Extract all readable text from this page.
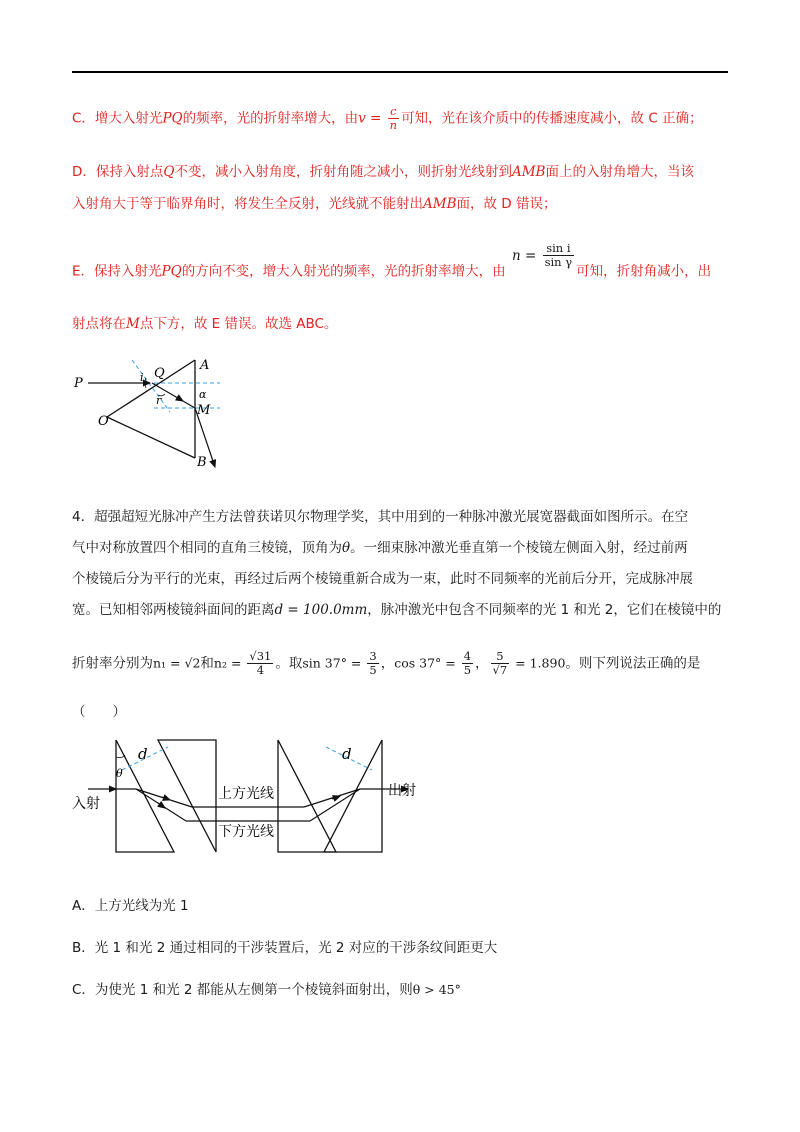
C．增大入射光PQ的频率，光的折射率增大，由$v = \frac{c}{n}$ 可知，光在该介质中的传播速度减小，故 C 正确；
D．保持入射点Q不变，减小入射角度，折射角随之减小，则折射光线射到AMB面上的入射角增大，当该
入射角大于等于临界角时，将发生全反射，光线就不能射出AMB面，故 D 错误；
E．保持入射光PQ的方向不变，增大入射光的频率，光的折射率增大，由 $n = \frac{\text{sin i}}{\text{sin γ}}$
可知，折射角减小，出
射点将在M点下方，故 E 错误。故选 ABC。
P
Q
A
i
α
r
M
O
B
4．超强超短光脉冲产生方法曾获诺贝尔物理学奖，其中用到的一种脉冲激光展宽器截面如图所示。在空
气中对称放置四个相同的直角三棱镜，顶角为θ。一细束脉冲激光垂直第一个棱镜左侧面入射，经过前两
个棱镜后分为平行的光束，再经过后两个棱镜重新合成为一束，此时不同频率的光前后分开，完成脉冲展
宽。已知相邻两棱镜斜面间的距离d = 100.0mm，脉冲激光中包含不同频率的光 1 和光 2，它们在棱镜中的
折射率分别为n₁ = √2和$n_2 = \frac{√31}{4}$ 。取$\sin 37^\circ = \frac{3}{5}$ ，$\cos 37^\circ = \frac{4}{5}$ ， $\frac{5}{√7} = 1.890$。则下列说法正确的是
（　　）
d	d
θ
入射
上方光线
下方光线
出射
A．上方光线为光 1
B．光 1 和光 2 通过相同的干涉装置后，光 2 对应的干涉条纹间距更大
C．为使光 1 和光 2 都能从左侧第一个棱镜斜面射出，则θ > 45°
